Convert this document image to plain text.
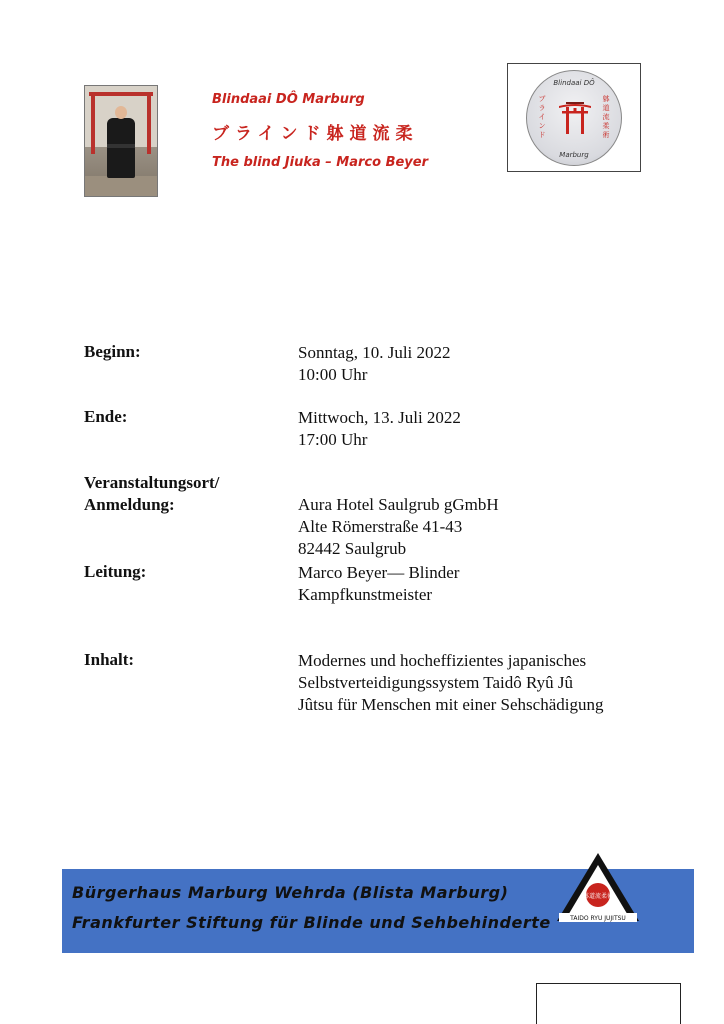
Blindaai DÔ Marburg
ブラインド躰道流柔
The blind Jiuka – Marco Beyer
Blindaai DÔ
ブラインド
躰道流柔術
Marburg
Beginn:	Sonntag, 10. Juli 2022
10:00 Uhr
Ende:	Mittwoch, 13. Juli 2022
17:00 Uhr
Veranstaltungsort/
Anmeldung:	Aura Hotel Saulgrub gGmbH
Alte Römerstraße 41-43
82442 Saulgrub
Leitung:	Marco Beyer— Blinder
Kampfkunstmeister
Inhalt:	Modernes und hocheffizientes japanisches
Selbstverteidigungssystem Taidô Ryû Jû
Jûtsu für Menschen mit einer Sehschädigung
Bürgerhaus Marburg Wehrda (Blista Marburg)
Frankfurter Stiftung für Blinde und Sehbehinderte
躰道流柔術
TAIDO RYU JUJITSU
